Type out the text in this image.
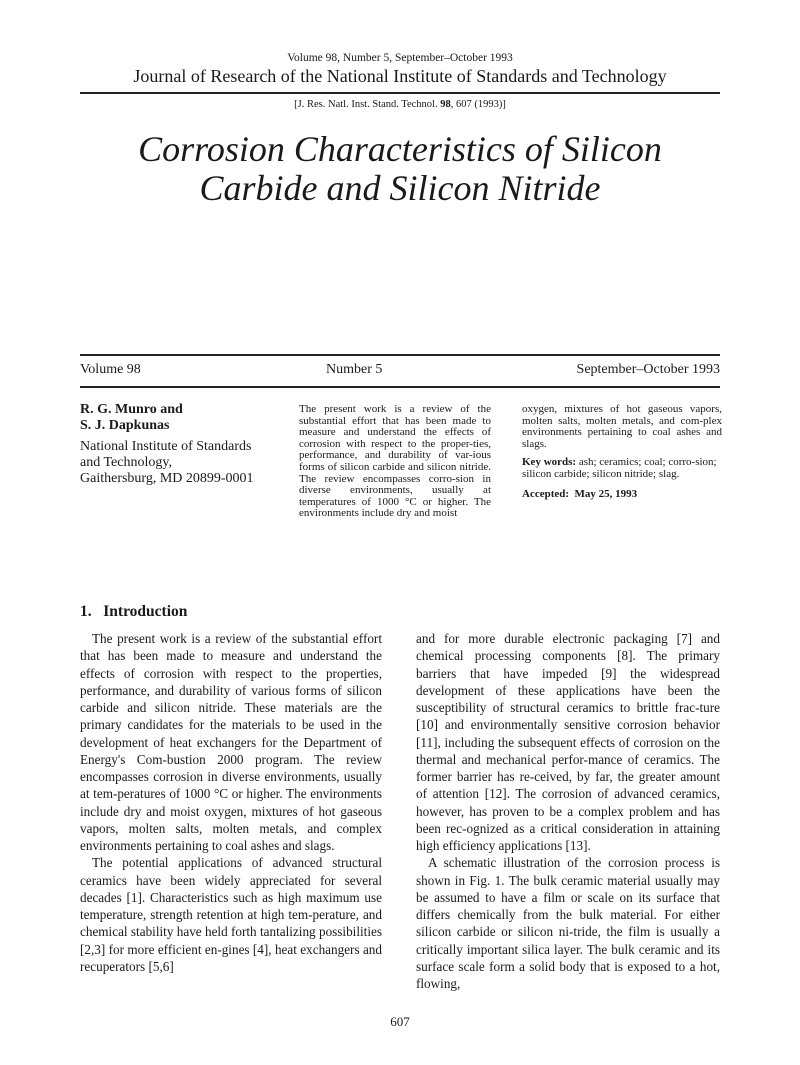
Volume 98, Number 5, September–October 1993
Journal of Research of the National Institute of Standards and Technology
[J. Res. Natl. Inst. Stand. Technol. 98, 607 (1993)]
Corrosion Characteristics of Silicon
Carbide and Silicon Nitride
Volume 98	Number 5	September–October 1993
R. G. Munro and
S. J. Dapkunas
National Institute of Standards
and Technology,
Gaithersburg, MD 20899-0001

The present work is a review of the substantial effort that has been made to measure and understand the effects of corrosion with respect to the proper-ties, performance, and durability of var-ious forms of silicon carbide and silicon nitride. The review encompasses corro-sion in diverse environments, usually at temperatures of 1000 °C or higher. The environments include dry and moist

oxygen, mixtures of hot gaseous vapors, molten salts, molten metals, and com-plex environments pertaining to coal ashes and slags.

Key words: ash; ceramics; coal; corro-sion; silicon carbide; silicon nitride; slag.

Accepted: May 25, 1993

1. Introduction

The present work is a review of the substantial effort that has been made to measure and understand the effects of corrosion with respect to the properties, performance, and durability of various forms of silicon carbide and silicon nitride. These materials are the primary candidates for the materials to be used in the development of heat exchangers for the Department of Energy's Com-bustion 2000 program. The review encompasses corrosion in diverse environments, usually at tem-peratures of 1000 °C or higher. The environments include dry and moist oxygen, mixtures of hot gaseous vapors, molten salts, molten metals, and complex environments pertaining to coal ashes and slags.

The potential applications of advanced structural ceramics have been widely appreciated for several decades [1]. Characteristics such as high maximum use temperature, strength retention at high tem-perature, and chemical stability have held forth tantalizing possibilities [2,3] for more efficient en-gines [4], heat exchangers and recuperators [5,6]

and for more durable electronic packaging [7] and chemical processing components [8]. The primary barriers that have impeded [9] the widespread development of these applications have been the susceptibility of structural ceramics to brittle frac-ture [10] and environmentally sensitive corrosion behavior [11], including the subsequent effects of corrosion on the thermal and mechanical perfor-mance of ceramics. The former barrier has re-ceived, by far, the greater amount of attention [12]. The corrosion of advanced ceramics, however, has proven to be a complex problem and has been rec-ognized as a critical consideration in attaining high efficiency applications [13].

A schematic illustration of the corrosion process is shown in Fig. 1. The bulk ceramic material usually may be assumed to have a film or scale on its surface that differs chemically from the bulk material. For either silicon carbide or silicon ni-tride, the film is usually a critically important silica layer. The bulk ceramic and its surface scale form a solid body that is exposed to a hot, flowing,

607
